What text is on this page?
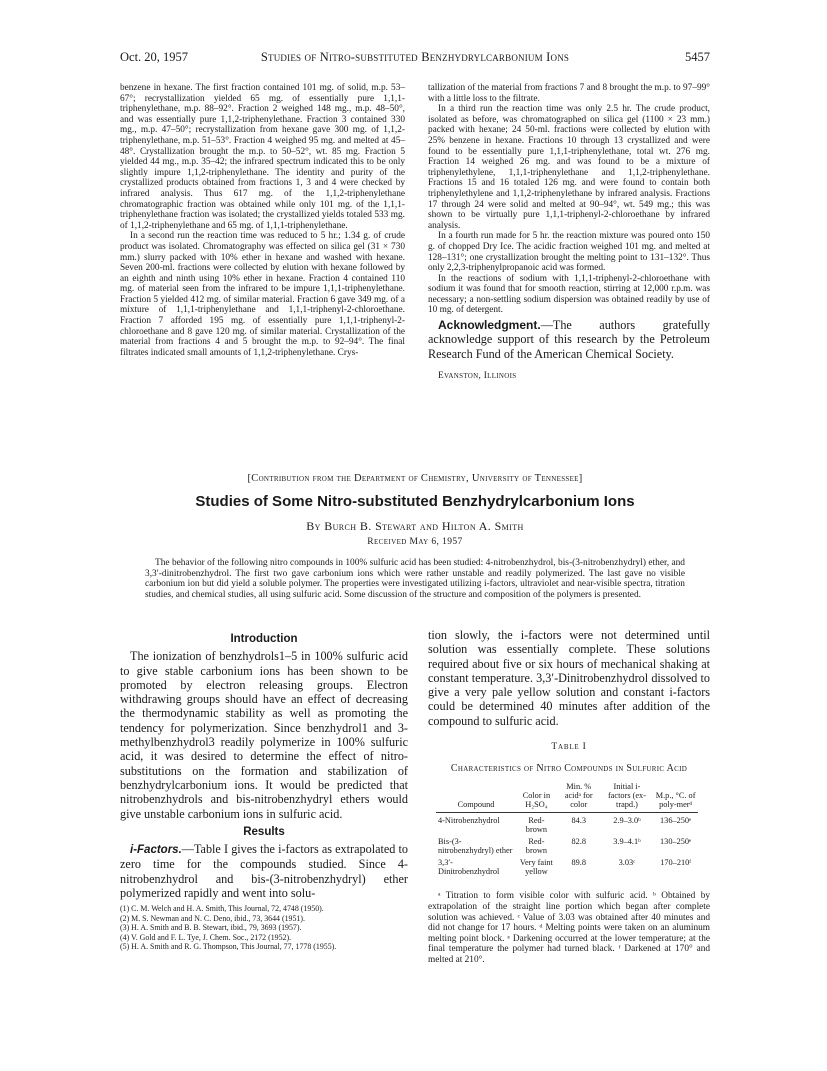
Oct. 20, 1957	Studies of Nitro-substituted Benzhydrylcarbonium Ions	5457

benzene in hexane. The first fraction contained 101 mg. of solid, m.p. 53–67°; recrystallization yielded 65 mg. of essentially pure 1,1,1-triphenylethane, m.p. 88–92°. Fraction 2 weighed 148 mg., m.p. 48–50°, and was essentially pure 1,1,2-triphenylethane. Fraction 3 contained 330 mg., m.p. 47–50°; recrystallization from hexane gave 300 mg. of 1,1,2-triphenylethane, m.p. 51–53°. Fraction 4 weighed 95 mg. and melted at 45–48°. Crystallization brought the m.p. to 50–52°, wt. 85 mg. Fraction 5 yielded 44 mg., m.p. 35–42; the infrared spectrum indicated this to be only slightly impure 1,1,2-triphenylethane. The identity and purity of the crystallized products obtained from fractions 1, 3 and 4 were checked by infrared analysis. Thus 617 mg. of the 1,1,2-triphenylethane chromatographic fraction was obtained while only 101 mg. of the 1,1,1-triphenylethane fraction was isolated; the crystallized yields totaled 533 mg. of 1,1,2-triphenylethane and 65 mg. of 1,1,1-triphenylethane.

In a second run the reaction time was reduced to 5 hr.; 1.34 g. of crude product was isolated. Chromatography was effected on silica gel (31 × 730 mm.) slurry packed with 10% ether in hexane and washed with hexane. Seven 200-ml. fractions were collected by elution with hexane followed by an eighth and ninth using 10% ether in hexane. Fraction 4 contained 110 mg. of material seen from the infrared to be impure 1,1,1-triphenylethane. Fraction 5 yielded 412 mg. of similar material. Fraction 6 gave 349 mg. of a mixture of 1,1,1-triphenylethane and 1,1,1-triphenyl-2-chloroethane. Fraction 7 afforded 195 mg. of essentially pure 1,1,1-triphenyl-2-chloroethane and 8 gave 120 mg. of similar material. Crystallization of the material from fractions 4 and 5 brought the m.p. to 92–94°. The final filtrates indicated small amounts of 1,1,2-triphenylethane. Crys-

tallization of the material from fractions 7 and 8 brought the m.p. to 97–99° with a little loss to the filtrate.

In a third run the reaction time was only 2.5 hr. The crude product, isolated as before, was chromatographed on silica gel (1100 × 23 mm.) packed with hexane; 24 50-ml. fractions were collected by elution with 25% benzene in hexane. Fractions 10 through 13 crystallized and were found to be essentially pure 1,1,1-triphenylethane, total wt. 276 mg. Fraction 14 weighed 26 mg. and was found to be a mixture of triphenylethylene, 1,1,1-triphenylethane and 1,1,2-triphenylethane. Fractions 15 and 16 totaled 126 mg. and were found to contain both triphenylethylene and 1,1,2-triphenylethane by infrared analysis. Fractions 17 through 24 were solid and melted at 90–94°, wt. 549 mg.; this was shown to be virtually pure 1,1,1-triphenyl-2-chloroethane by infrared analysis.

In a fourth run made for 5 hr. the reaction mixture was poured onto 150 g. of chopped Dry Ice. The acidic fraction weighed 101 mg. and melted at 128–131°; one crystallization brought the melting point to 131–132°. Thus only 2,2,3-triphenylpropanoic acid was formed.

In the reactions of sodium with 1,1,1-triphenyl-2-chloroethane with sodium it was found that for smooth reaction, stirring at 12,000 r.p.m. was necessary; a non-settling sodium dispersion was obtained readily by use of 10 mg. of detergent.

Acknowledgment.—The authors gratefully acknowledge support of this research by the Petroleum Research Fund of the American Chemical Society.

Evanston, Illinois
[Contribution from the Department of Chemistry, University of Tennessee]
Studies of Some Nitro-substituted Benzhydrylcarbonium Ions
By Burch B. Stewart and Hilton A. Smith
Received May 6, 1957
The behavior of the following nitro compounds in 100% sulfuric acid has been studied: 4-nitrobenzhydrol, bis-(3-nitrobenzhydryl) ether, and 3,3′-dinitrobenzhydrol. The first two gave carbonium ions which were rather unstable and readily polymerized. The last gave no visible carbonium ion but did yield a soluble polymer. The properties were investigated utilizing i-factors, ultraviolet and near-visible spectra, titration studies, and chemical studies, all using sulfuric acid. Some discussion of the structure and composition of the polymers is presented.
Introduction

The ionization of benzhydrols1–5 in 100% sulfuric acid to give stable carbonium ions has been shown to be promoted by electron releasing groups. Electron withdrawing groups should have an effect of decreasing the thermodynamic stability as well as promoting the tendency for polymerization. Since benzhydrol1 and 3-methylbenzhydrol3 readily polymerize in 100% sulfuric acid, it was desired to determine the effect of nitro-substitutions on the formation and stabilization of benzhydrylcarbonium ions. It would be predicted that nitrobenzhydrols and bis-nitrobenzhydryl ethers would give unstable carbonium ions in sulfuric acid.

Results

i-Factors.—Table I gives the i-factors as extrapolated to zero time for the compounds studied. Since 4-nitrobenzhydrol and bis-(3-nitrobenzhydryl) ether polymerized rapidly and went into solu-

(1) C. M. Welch and H. A. Smith, This Journal, 72, 4748 (1950).
(2) M. S. Newman and N. C. Deno, ibid., 73, 3644 (1951).
(3) H. A. Smith and B. B. Stewart, ibid., 79, 3693 (1957).
(4) V. Gold and F. L. Tye, J. Chem. Soc., 2172 (1952).
(5) H. A. Smith and R. G. Thompson, This Journal, 77, 1778 (1955).

tion slowly, the i-factors were not determined until solution was essentially complete. These solutions required about five or six hours of mechanical shaking at constant temperature. 3,3′-Dinitrobenzhydrol dissolved to give a very pale yellow solution and constant i-factors could be determined 40 minutes after addition of the compound to sulfuric acid.

Table I
Characteristics of Nitro Compounds in Sulfuric Acid
Compound	Color in H₂SO₄	Min. % acidᵃ for color	Initial i-factors (ex-trapd.)	M.p., °C. of poly-merᵈ
4-Nitrobenzhydrol	Red-brown	84.3	2.9–3.0ᵇ	136–250ᵉ
Bis-(3-nitrobenzhydryl) ether	Red-brown	82.8	3.9–4.1ᵇ	130–250ᵉ
3,3′-Dinitrobenzhydrol	Very faint yellow	89.8	3.03ᶜ	170–210ᶠ

ᵃ Titration to form visible color with sulfuric acid. ᵇ Obtained by extrapolation of the straight line portion which began after complete solution was achieved. ᶜ Value of 3.03 was obtained after 40 minutes and did not change for 17 hours. ᵈ Melting points were taken on an aluminum melting point block. ᵉ Darkening occurred at the lower temperature; at the final temperature the polymer had turned black. ᶠ Darkened at 170° and melted at 210°.
